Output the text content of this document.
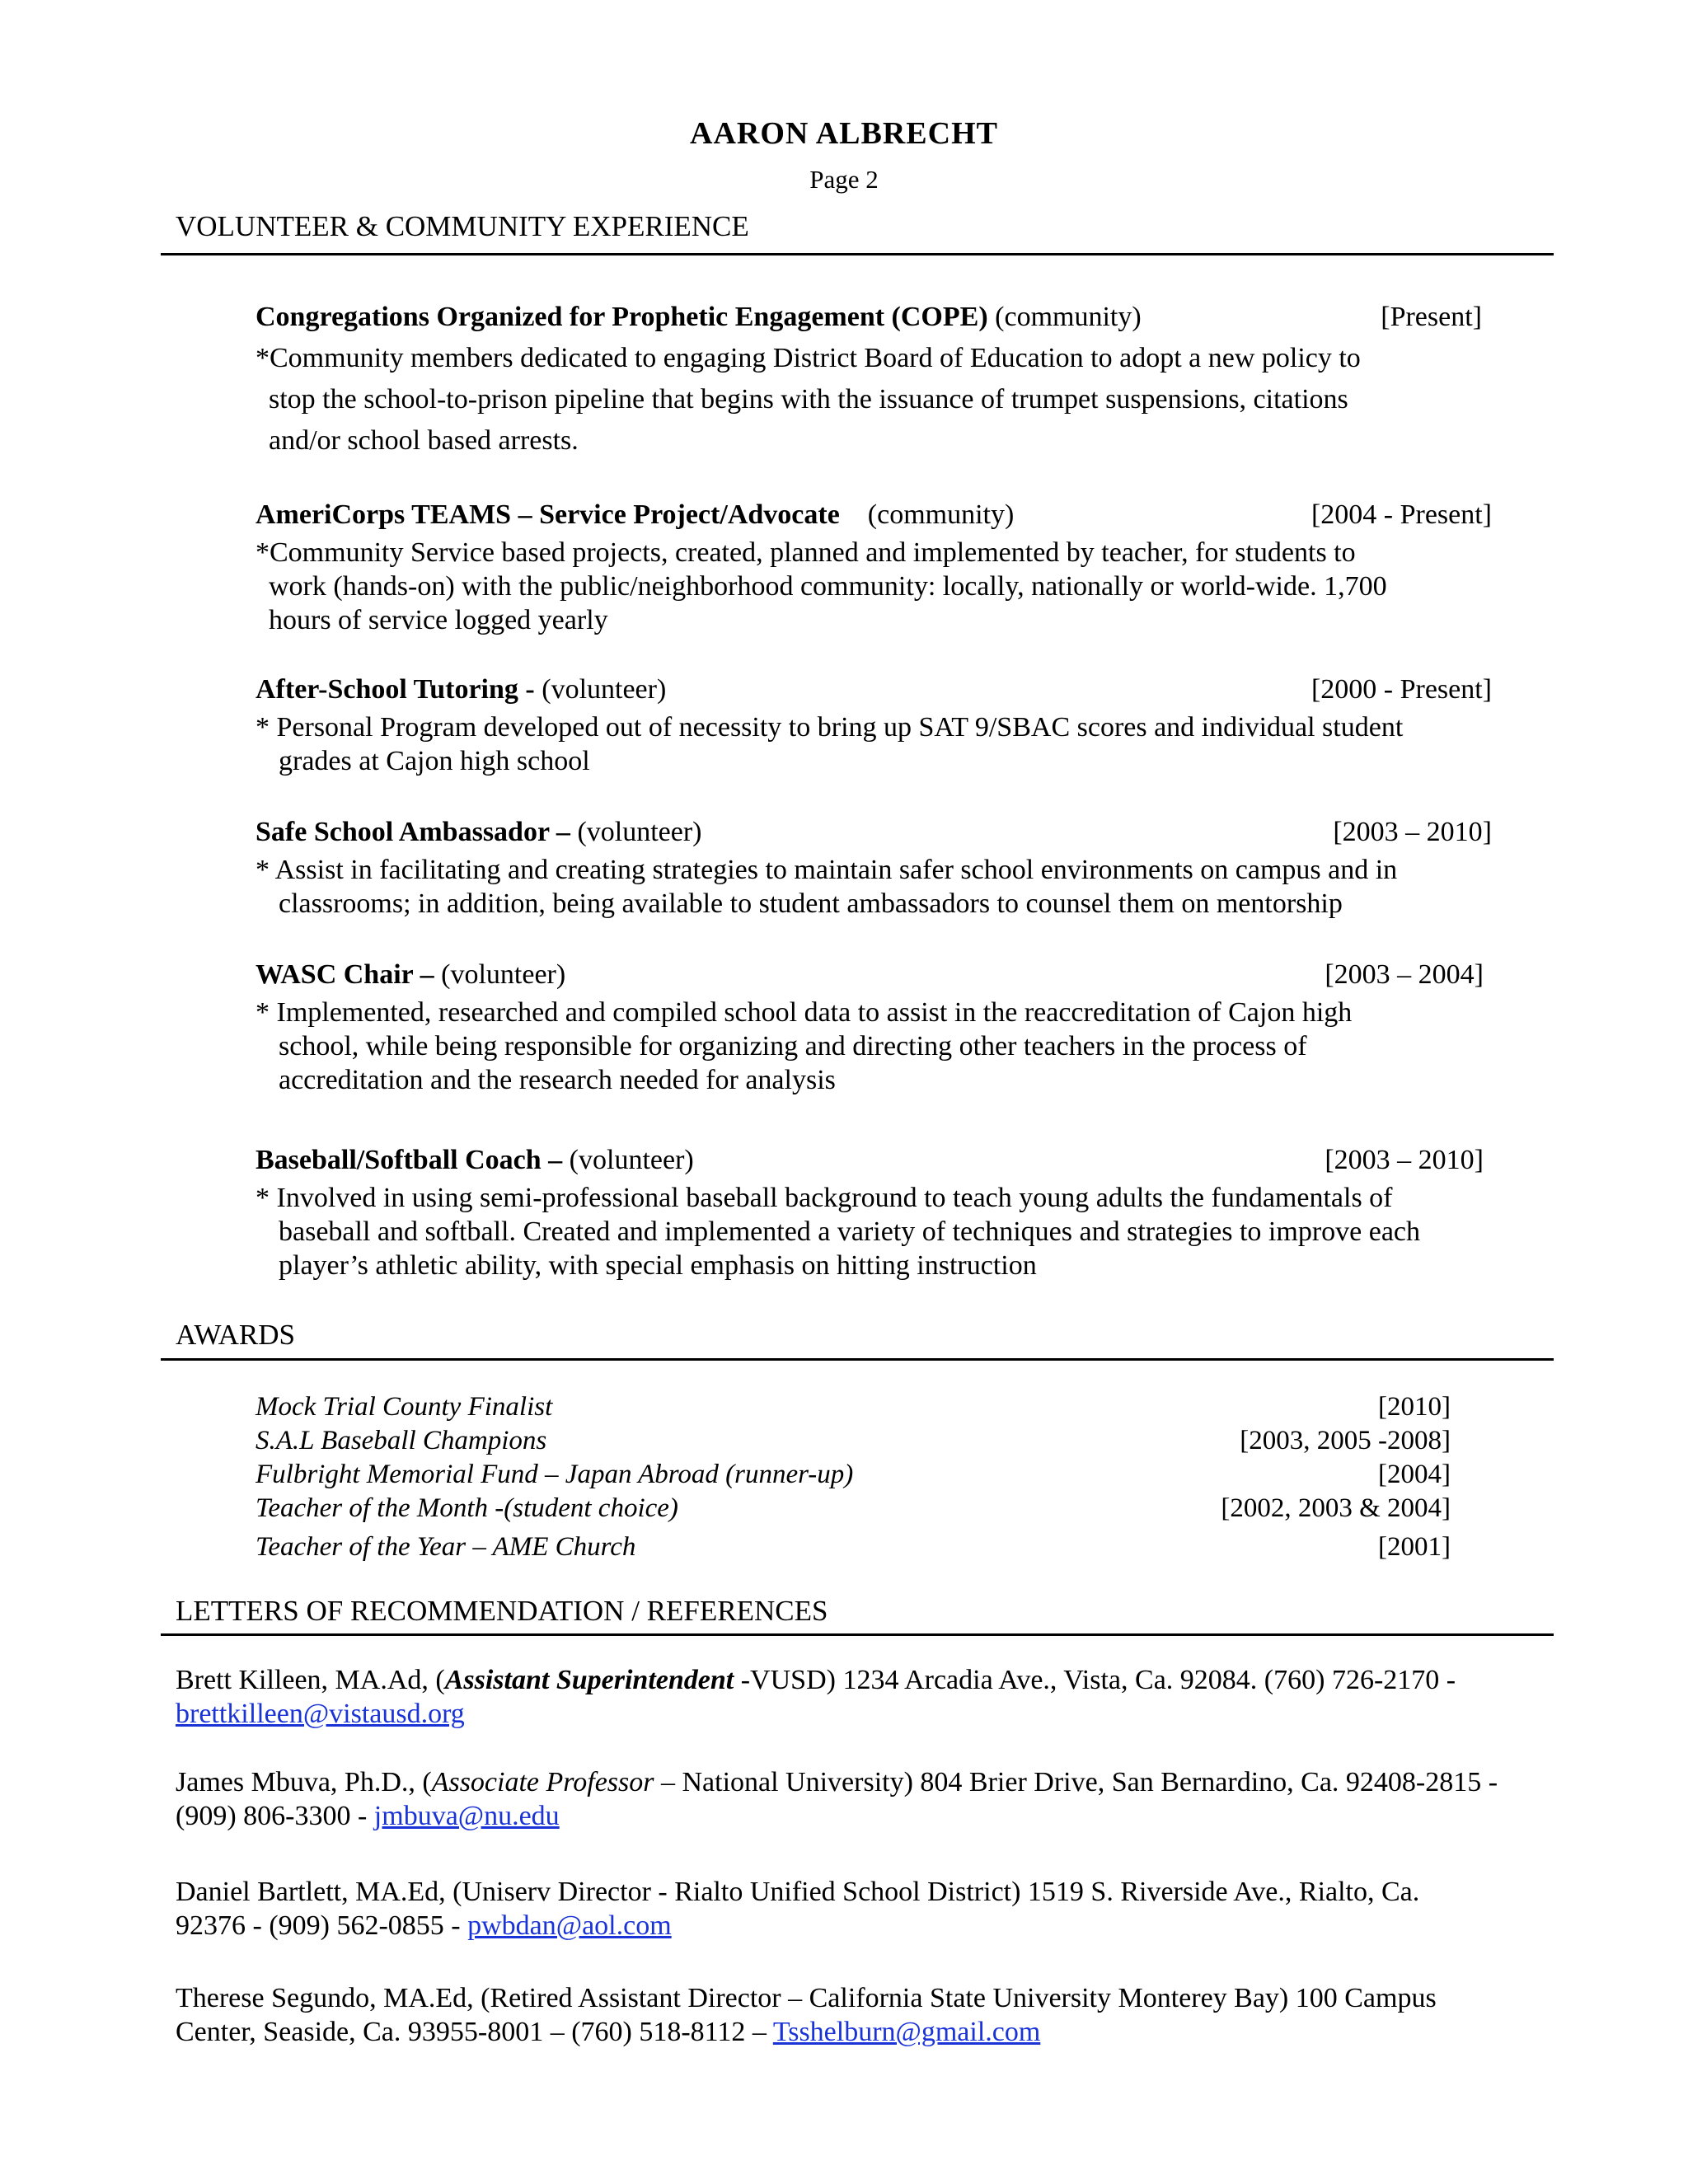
AARON ALBRECHT
Page 2
VOLUNTEER & COMMUNITY EXPERIENCE
Congregations Organized for Prophetic Engagement (COPE) (community)	[Present]
*Community members dedicated to engaging District Board of Education to adopt a new policy to
stop the school-to-prison pipeline that begins with the issuance of trumpet suspensions, citations
and/or school based arrests.
AmeriCorps TEAMS – Service Project/Advocate (community)	[2004 - Present]
*Community Service based projects, created, planned and implemented by teacher, for students to
work (hands-on) with the public/neighborhood community: locally, nationally or world-wide. 1,700
hours of service logged yearly
After-School Tutoring - (volunteer)	[2000 - Present]
* Personal Program developed out of necessity to bring up SAT 9/SBAC scores and individual student
grades at Cajon high school
Safe School Ambassador – (volunteer)	[2003 – 2010]
* Assist in facilitating and creating strategies to maintain safer school environments on campus and in
classrooms; in addition, being available to student ambassadors to counsel them on mentorship
WASC Chair – (volunteer)	[2003 – 2004]
* Implemented, researched and compiled school data to assist in the reaccreditation of Cajon high
school, while being responsible for organizing and directing other teachers in the process of
accreditation and the research needed for analysis
Baseball/Softball Coach – (volunteer)	[2003 – 2010]
* Involved in using semi-professional baseball background to teach young adults the fundamentals of
baseball and softball. Created and implemented a variety of techniques and strategies to improve each
player’s athletic ability, with special emphasis on hitting instruction
AWARDS
Mock Trial County Finalist	[2010]
S.A.L Baseball Champions	[2003, 2005 -2008]
Fulbright Memorial Fund – Japan Abroad (runner-up)	[2004]
Teacher of the Month -(student choice)	[2002, 2003 & 2004]
Teacher of the Year – AME Church	[2001]
LETTERS OF RECOMMENDATION / REFERENCES
Brett Killeen, MA.Ad, (Assistant Superintendent -VUSD) 1234 Arcadia Ave., Vista, Ca. 92084. (760) 726-2170 -
brettkilleen@vistausd.org
James Mbuva, Ph.D., (Associate Professor – National University) 804 Brier Drive, San Bernardino, Ca. 92408-2815 -
(909) 806-3300 - jmbuva@nu.edu
Daniel Bartlett, MA.Ed, (Uniserv Director - Rialto Unified School District) 1519 S. Riverside Ave., Rialto, Ca.
92376 - (909) 562-0855 - pwbdan@aol.com
Therese Segundo, MA.Ed, (Retired Assistant Director – California State University Monterey Bay) 100 Campus
Center, Seaside, Ca. 93955-8001 – (760) 518-8112 – Tsshelburn@gmail.com
